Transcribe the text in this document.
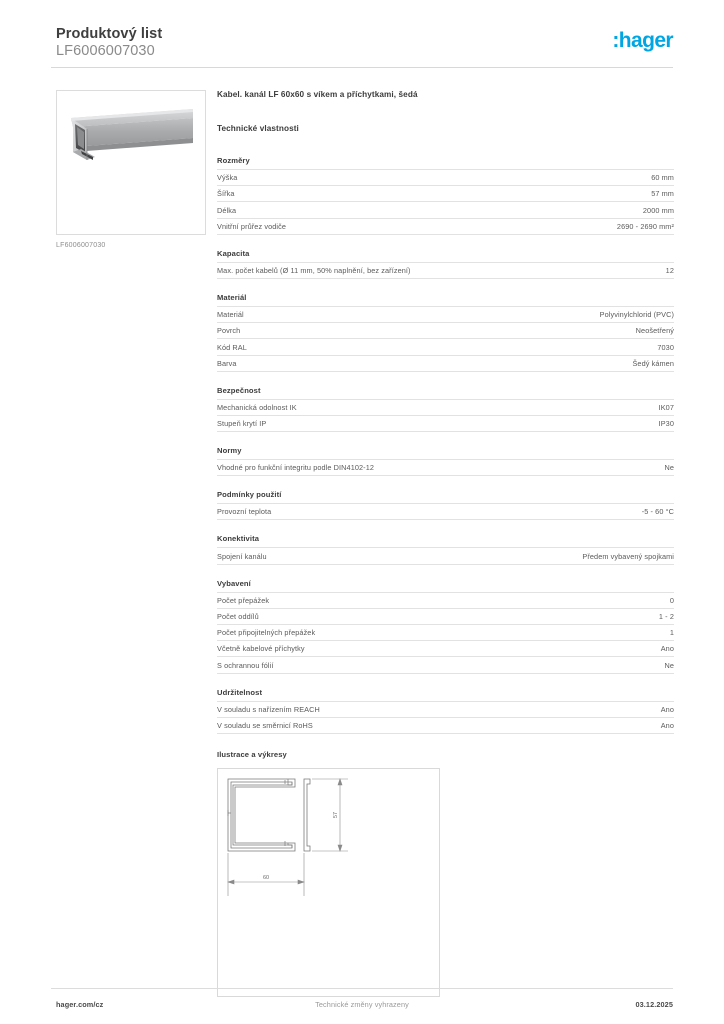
Produktový list
LF6006007030	:hager
LF6006007030
Kabel. kanál LF 60x60 s víkem a příchytkami, šedá
Technické vlastnosti
Rozměry
Výška	60 mm
Šířka	57 mm
Délka	2000 mm
Vnitřní průřez vodiče	2690 - 2690 mm²
Kapacita
Max. počet kabelů (Ø 11 mm, 50% naplnění, bez zařízení)	12
Materiál
Materiál	Polyvinylchlorid (PVC)
Povrch	Neošetřený
Kód RAL	7030
Barva	Šedý kámen
Bezpečnost
Mechanická odolnost IK	IK07
Stupeň krytí IP	IP30
Normy
Vhodné pro funkční integritu podle DIN4102-12	Ne
Podmínky použití
Provozní teplota	-5 - 60 °C
Konektivita
Spojení kanálu	Předem vybavený spojkami
Vybavení
Počet přepážek	0
Počet oddílů	1 - 2
Počet připojitelných přepážek	1
Včetně kabelové příchytky	Ano
S ochrannou fólií	Ne
Udržitelnost
V souladu s nařízením REACH	Ano
V souladu se směrnicí RoHS	Ano
Ilustrace a výkresy
60
57
hager.com/cz	Technické změny vyhrazeny	03.12.2025
